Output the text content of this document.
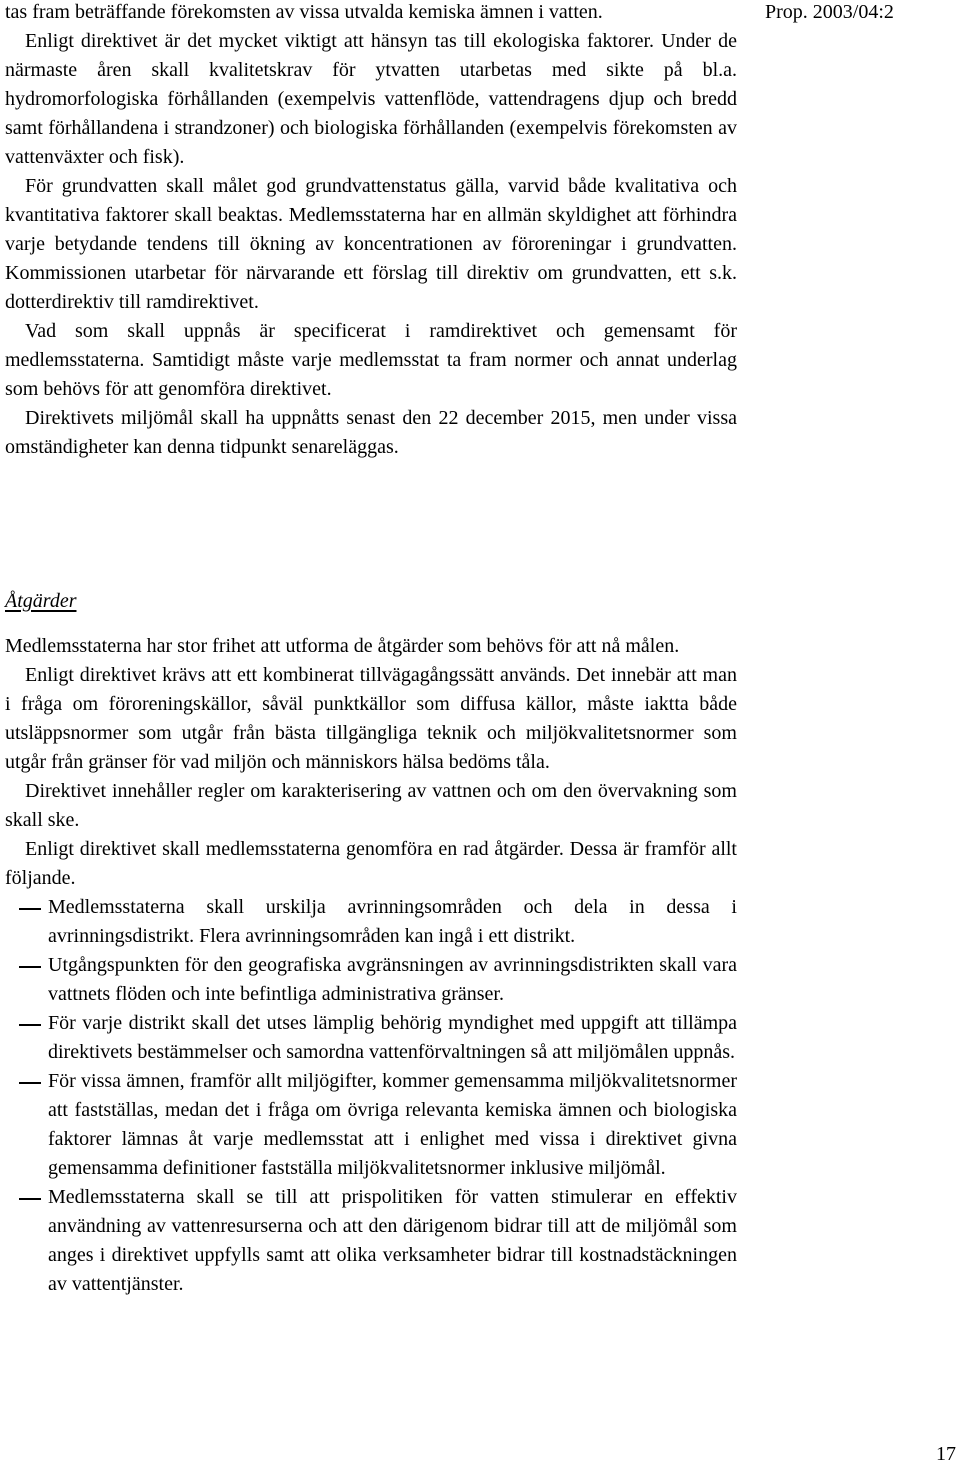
tas fram beträffande förekomsten av vissa utvalda kemiska ämnen i vatten.

Enligt direktivet är det mycket viktigt att hänsyn tas till ekologiska faktorer. Under de närmaste åren skall kvalitetskrav för ytvatten utarbetas med sikte på bl.a. hydromorfologiska förhållanden (exempelvis vattenflöde, vattendragens djup och bredd samt förhållandena i strandzoner) och biologiska förhållanden (exempelvis förekomsten av vattenväxter och fisk).

För grundvatten skall målet god grundvattenstatus gälla, varvid både kvalitativa och kvantitativa faktorer skall beaktas. Medlemsstaterna har en allmän skyldighet att förhindra varje betydande tendens till ökning av koncentrationen av föroreningar i grundvatten. Kommissionen utarbetar för närvarande ett förslag till direktiv om grundvatten, ett s.k. dotterdirektiv till ramdirektivet.

Vad som skall uppnås är specificerat i ramdirektivet och gemensamt för medlemsstaterna. Samtidigt måste varje medlemsstat ta fram normer och annat underlag som behövs för att genomföra direktivet.

Direktivets miljömål skall ha uppnåtts senast den 22 december 2015, men under vissa omständigheter kan denna tidpunkt senareläggas.

Prop. 2003/04:2
Åtgärder

Medlemsstaterna har stor frihet att utforma de åtgärder som behövs för att nå målen.

Enligt direktivet krävs att ett kombinerat tillvägagångssätt används. Det innebär att man i fråga om föroreningskällor, såväl punktkällor som diffusa källor, måste iaktta både utsläppsnormer som utgår från bästa tillgängliga teknik och miljökvalitetsnormer som utgår från gränser för vad miljön och människors hälsa bedöms tåla.

Direktivet innehåller regler om karakterisering av vattnen och om den övervakning som skall ske.

Enligt direktivet skall medlemsstaterna genomföra en rad åtgärder. Dessa är framför allt följande.

Medlemsstaterna skall urskilja avrinningsområden och dela in dessa i avrinningsdistrikt. Flera avrinningsområden kan ingå i ett distrikt.
Utgångspunkten för den geografiska avgränsningen av avrinningsdistrikten skall vara vattnets flöden och inte befintliga administrativa gränser.
För varje distrikt skall det utses lämplig behörig myndighet med uppgift att tillämpa direktivets bestämmelser och samordna vattenförvaltningen så att miljömålen uppnås.
För vissa ämnen, framför allt miljögifter, kommer gemensamma miljökvalitetsnormer att fastställas, medan det i fråga om övriga relevanta kemiska ämnen och biologiska faktorer lämnas åt varje medlemsstat att i enlighet med vissa i direktivet givna gemensamma definitioner fastställa miljökvalitetsnormer inklusive miljömål.
Medlemsstaterna skall se till att prispolitiken för vatten stimulerar en effektiv användning av vattenresurserna och att den därigenom bidrar till att de miljömål som anges i direktivet uppfylls samt att olika verksamheter bidrar till kostnadstäckningen av vattentjänster.
17
